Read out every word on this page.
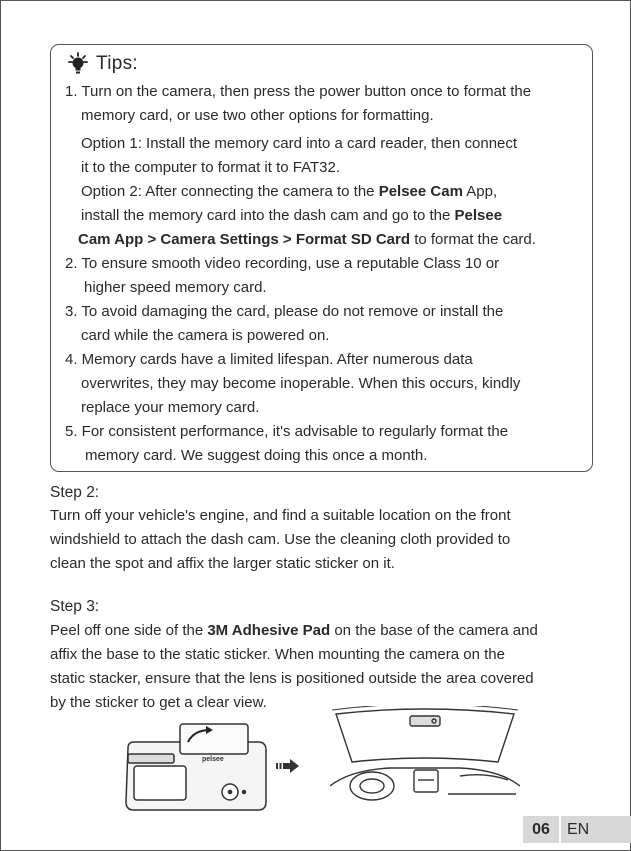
Tips:
1. Turn on the camera, then press the power button once to format the
memory card, or use two other options for formatting.
Option 1: Install the memory card into a card reader, then connect
it to the computer to format it to FAT32.
Option 2: After connecting the camera to the Pelsee Cam App,
install the memory card into the dash cam and go to the Pelsee
Cam App > Camera Settings > Format SD Card to format the card.
2. To ensure smooth video recording, use a reputable Class 10 or
higher speed memory card.
3. To avoid damaging the card, please do not remove or install the
card while the camera is powered on.
4. Memory cards have a limited lifespan. After numerous data
overwrites, they may become inoperable. When this occurs, kindly
replace your memory card.
5. For consistent performance, it's advisable to regularly format the
memory card. We suggest doing this once a month.
Step 2:
Turn off your vehicle's engine, and find a suitable location on the front
windshield to attach the dash cam. Use the cleaning cloth provided to
clean the spot and affix the larger static sticker on it.
Step 3:
Peel off one side of the 3M Adhesive Pad on the base of the camera and
affix the base to the static sticker. When mounting the camera on the
static stacker, ensure that the lens is positioned outside the area covered
by the sticker to get a clear view.
pelsee
06	EN
